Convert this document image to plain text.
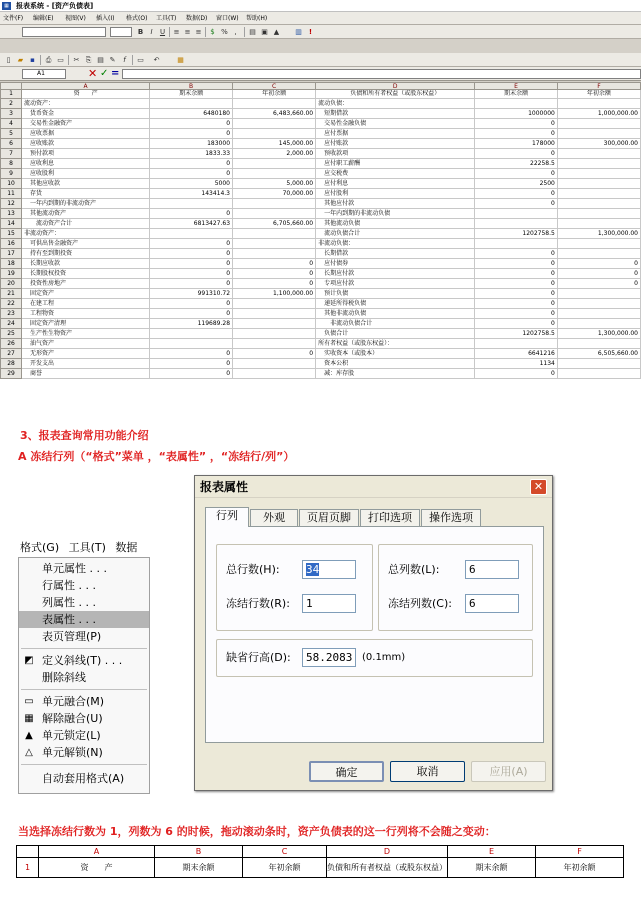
▦	报表系统 - [资产负债表]
文件(F) 编辑(E) 视图(V) 插入(I) 格式(O) 工具(T) 数据(D) 窗口(W) 帮助(H)
B	I	U ≡ ≡ ≡	$ % ,	▤ ▣ ▲ ▥	!
▯	▰ ▪	⎙ ▭ ✂ ⎘ ▤ ✎	f	▭ ↶	▦
A1	✕ ✓ =
	A	B	C	D	E	F
1	资　　产	期末余额	年初余额	负债和所有者权益（或股东权益）	期末余额	年初余额
2	流动资产：			流动负债：		
3	　货币资金	6480180	6,483,660.00	　短期借款	1000000	1,000,000.00
4	　交易性金融资产	0		　交易性金融负债	0	
5	　应收票据	0		　应付票据	0	
6	　应收账款	183000	145,000.00	　应付账款	178000	300,000.00
7	　预付款项	1833.33	2,000.00	　预收款项	0	
8	　应收利息	0		　应付职工薪酬	22258.5	
9	　应收股利	0		　应交税费	0	
10	　其他应收款	5000	5,000.00	　应付利息	2500	
11	　存货	143414.3	70,000.00	　应付股利	0	
12	　一年内到期的非流动资产			　其他应付款	0	
13	　其他流动资产	0		　一年内到期的非流动负债		
14	　　流动资产合计	6813427.63	6,705,660.00	　其他流动负债		
15	非流动资产：			　流动负债合计	1202758.5	1,300,000.00
16	　可供出售金融资产	0		非流动负债：		
17	　持有至到期投资	0		　长期借款	0	
18	　长期应收款	0	0	　应付债券	0	0
19	　长期股权投资	0	0	　长期应付款	0	0
20	　投资性房地产	0	0	　专项应付款	0	0
21	　固定资产	991310.72	1,100,000.00	　预计负债	0	
22	　在建工程	0		　递延所得税负债	0	
23	　工程物资	0		　其他非流动负债	0	
24	　固定资产清理	119689.28		　　非流动负债合计	0	
25	　生产性生物资产			　负债合计	1202758.5	1,300,000.00
26	　油气资产			所有者权益（或股东权益）：		
27	　无形资产	0	0	　实收资本（或股本）	6641216	6,505,660.00
28	　开发支出	0		　资本公积	1134	
29	　商誉	0		　减：库存股	0	
3、报表查询常用功能介绍
A 冻结行列（“格式”菜单 ，“表属性” ，“冻结行/列”）
格式(G) 工具(T) 数据
单元属性 . . .
行属性 . . .
列属性 . . .
表属性 . . .
表页管理(P)
◩ 定义斜线(T) . . .
删除斜线
▭ 单元融合(M)
▦ 解除融合(U)
▲ 单元锁定(L)
△ 单元解锁(N)
自动套用格式(A)
报表属性	✕
行列	外观	页眉页脚	打印选项	操作选项
总行数(H):	34	总列数(L):	6
冻结行数(R):	1	冻结列数(C):	6
缺省行高(D):	58.2083 (0.1mm)
确定	取消	应用(A)
当选择冻结行数为 1，列数为 6 的时候，拖动滚动条时，资产负债表的这一行列将不会随之变动：
	A	B	C	D	E	F
1	资　　产	期末余额	年初余额	负债和所有者权益（或股东权益）	期末余额	年初余额
